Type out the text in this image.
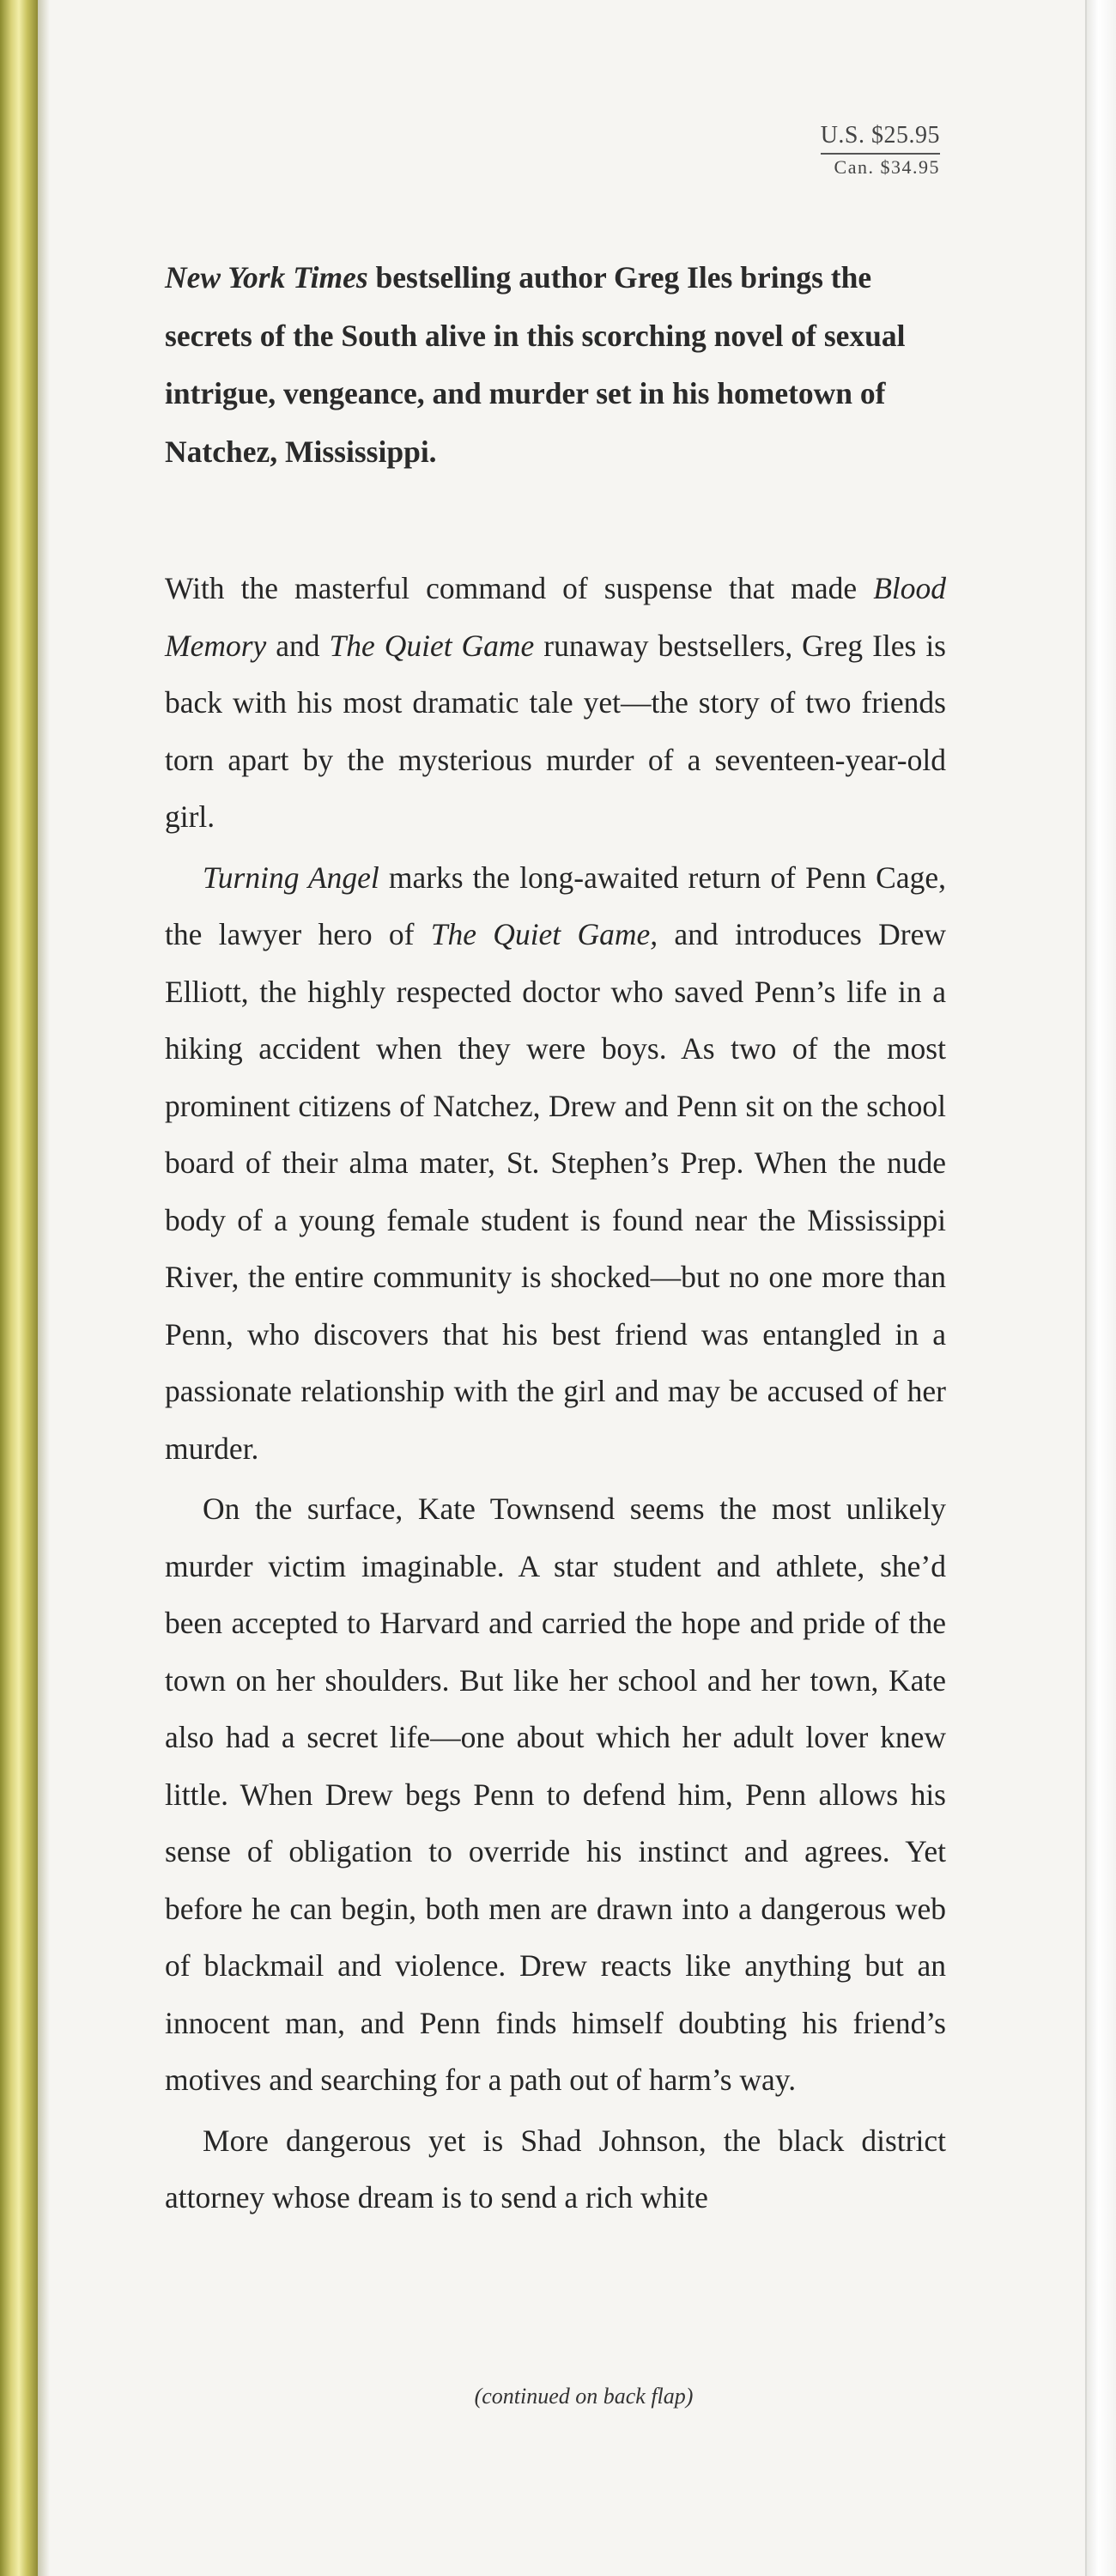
U.S. $25.95
Can. $34.95

New York Times bestselling author Greg Iles brings the secrets of the South alive in this scorching novel of sexual intrigue, vengeance, and murder set in his hometown of Natchez, Mississippi.

With the masterful command of suspense that made Blood Memory and The Quiet Game runaway bestsellers, Greg Iles is back with his most dramatic tale yet—the story of two friends torn apart by the mysterious murder of a seventeen-year-old girl.

Turning Angel marks the long-awaited return of Penn Cage, the lawyer hero of The Quiet Game, and introduces Drew Elliott, the highly respected doctor who saved Penn’s life in a hiking accident when they were boys. As two of the most prominent citizens of Natchez, Drew and Penn sit on the school board of their alma mater, St. Stephen’s Prep. When the nude body of a young female student is found near the Mississippi River, the entire community is shocked—but no one more than Penn, who discovers that his best friend was entangled in a passionate relationship with the girl and may be accused of her murder.

On the surface, Kate Townsend seems the most unlikely murder victim imaginable. A star student and athlete, she’d been accepted to Harvard and carried the hope and pride of the town on her shoulders. But like her school and her town, Kate also had a secret life—one about which her adult lover knew little. When Drew begs Penn to defend him, Penn allows his sense of obligation to override his instinct and agrees. Yet before he can begin, both men are drawn into a dangerous web of blackmail and violence. Drew reacts like anything but an innocent man, and Penn finds himself doubting his friend’s motives and searching for a path out of harm’s way.

More dangerous yet is Shad Johnson, the black district attorney whose dream is to send a rich white

(continued on back flap)
